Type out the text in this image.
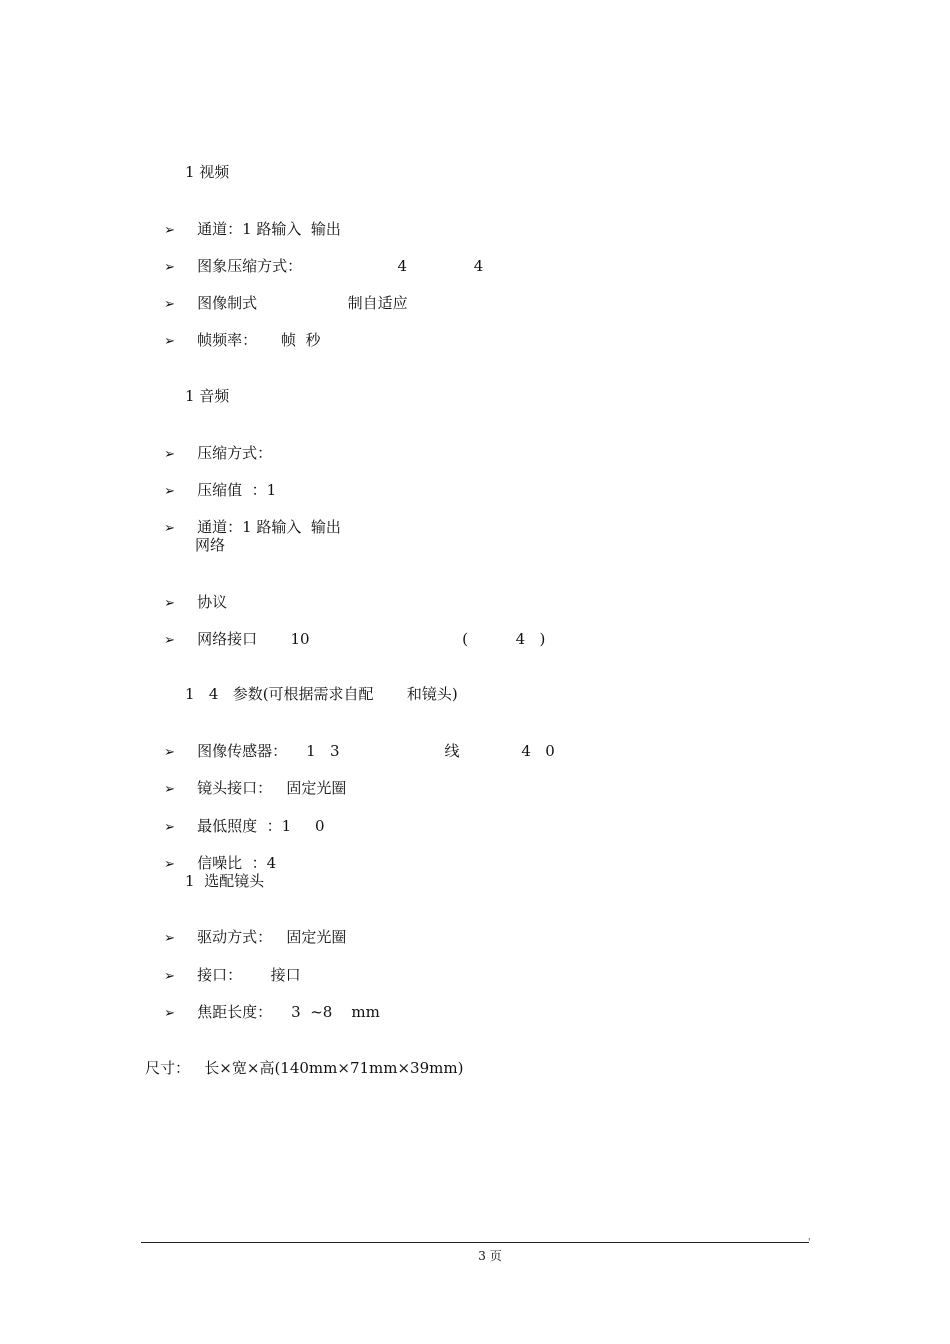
1 视频

➢ 通道：1 路输入  输出

➢ 图象压缩方式：                    4              4

➢ 图像制式                   制自适应

➢ 帧频率：     帧  秒

1 音频

➢ 压缩方式：

➢ 压缩值  ：1

➢ 通道：1 路输入  输出

网络

➢ 协议

➢ 网络接口       10                                (          4   )

1   4   参数(可根据需求自配       和镜头)

➢ 图像传感器：    1   3                      线             4   0

➢ 镜头接口：   固定光圈

➢ 最低照度  ：1     0

➢ 信噪比  ：4

1  选配镜头

➢ 驱动方式：   固定光圈

➢ 接口：      接口

➢ 焦距长度：    3  ~8    mm

尺寸：   长×宽×高(140mm×71mm×39mm)
'
3 页
